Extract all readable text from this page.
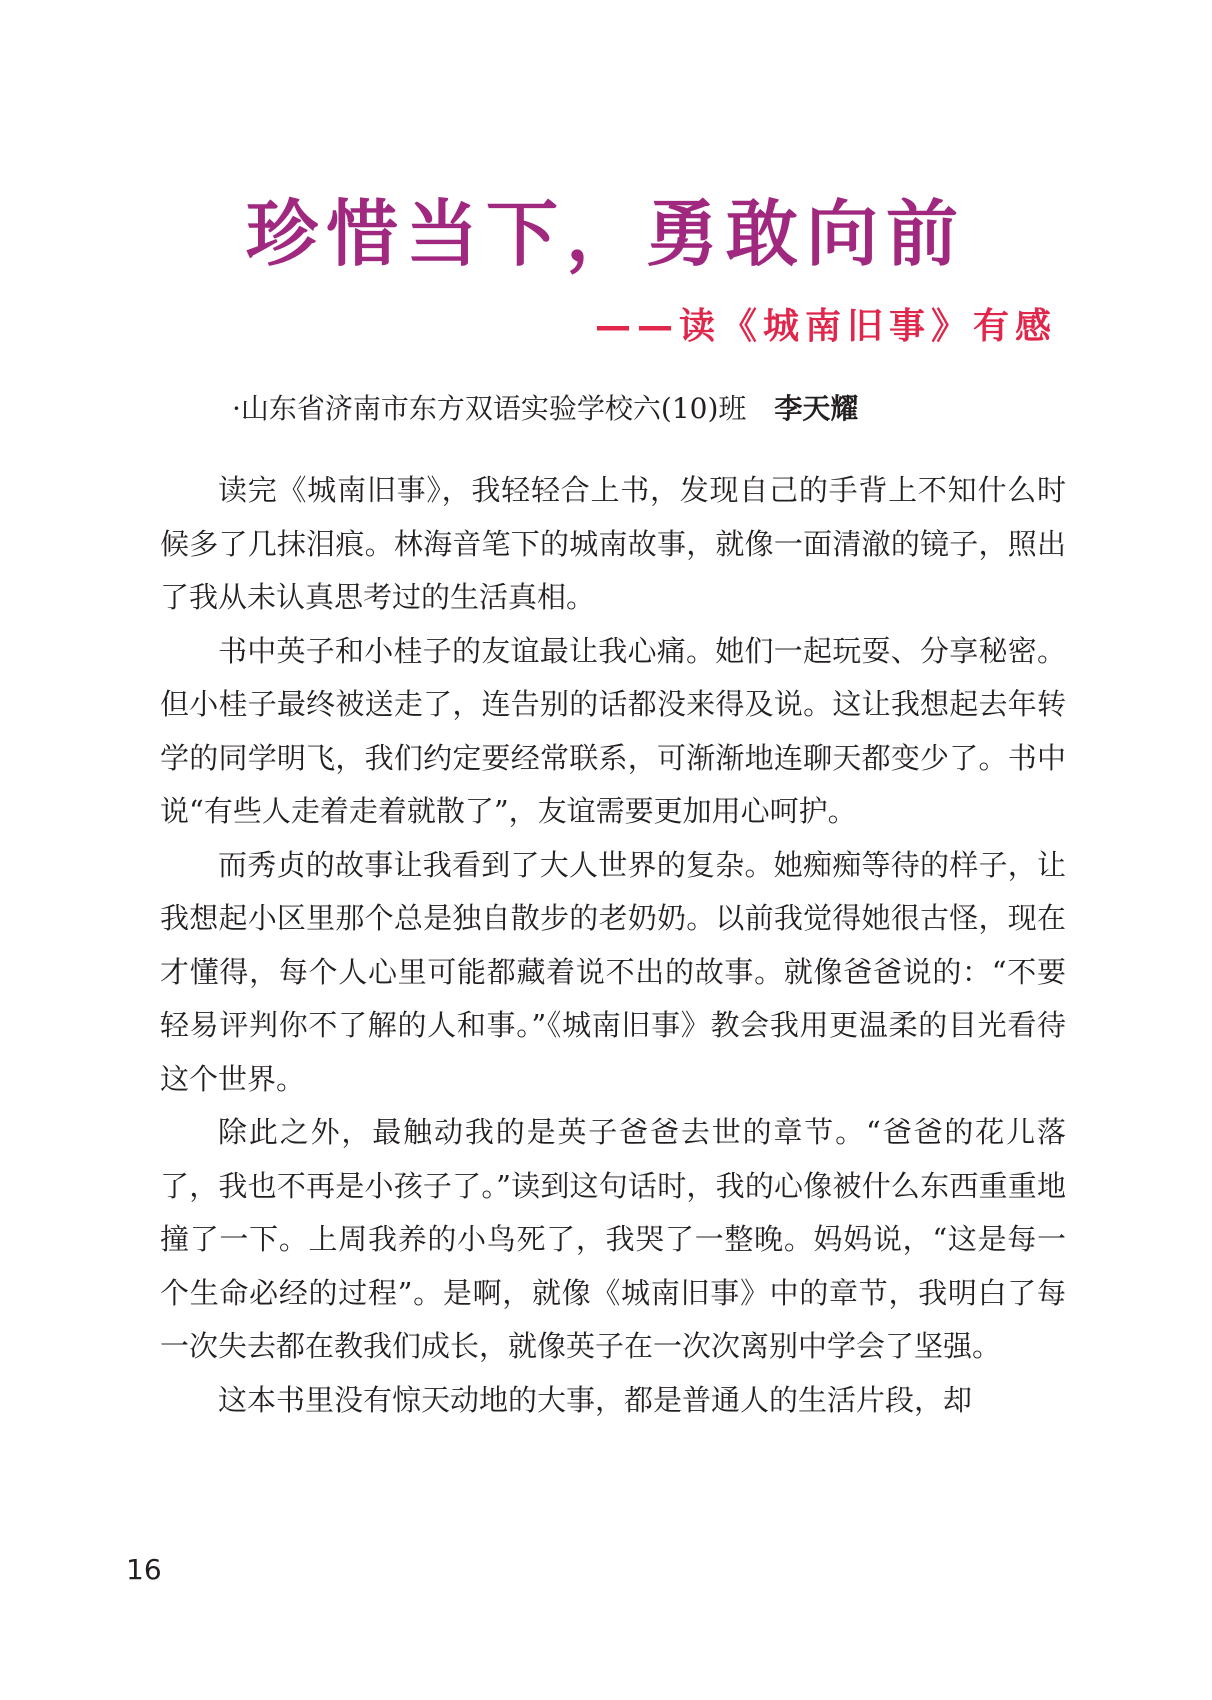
珍惜当下，勇敢向前
——读《城南旧事》有感
·山东省济南市东方双语实验学校六(10)班 李天耀

读完《城南旧事》，我轻轻合上书，发现自己的手背上不知什么时候多了几抹泪痕。林海音笔下的城南故事，就像一面清澈的镜子，照出了我从未认真思考过的生活真相。

书中英子和小桂子的友谊最让我心痛。她们一起玩耍、分享秘密。但小桂子最终被送走了，连告别的话都没来得及说。这让我想起去年转学的同学明飞，我们约定要经常联系，可渐渐地连聊天都变少了。书中说“有些人走着走着就散了”，友谊需要更加用心呵护。

而秀贞的故事让我看到了大人世界的复杂。她痴痴等待的样子，让我想起小区里那个总是独自散步的老奶奶。以前我觉得她很古怪，现在才懂得，每个人心里可能都藏着说不出的故事。就像爸爸说的：“不要轻易评判你不了解的人和事。”《城南旧事》教会我用更温柔的目光看待这个世界。

除此之外，最触动我的是英子爸爸去世的章节。“爸爸的花儿落了，我也不再是小孩子了。”读到这句话时，我的心像被什么东西重重地撞了一下。上周我养的小鸟死了，我哭了一整晚。妈妈说，“这是每一个生命必经的过程”。是啊，就像《城南旧事》中的章节，我明白了每一次失去都在教我们成长，就像英子在一次次离别中学会了坚强。

这本书里没有惊天动地的大事，都是普通人的生活片段，却

16
